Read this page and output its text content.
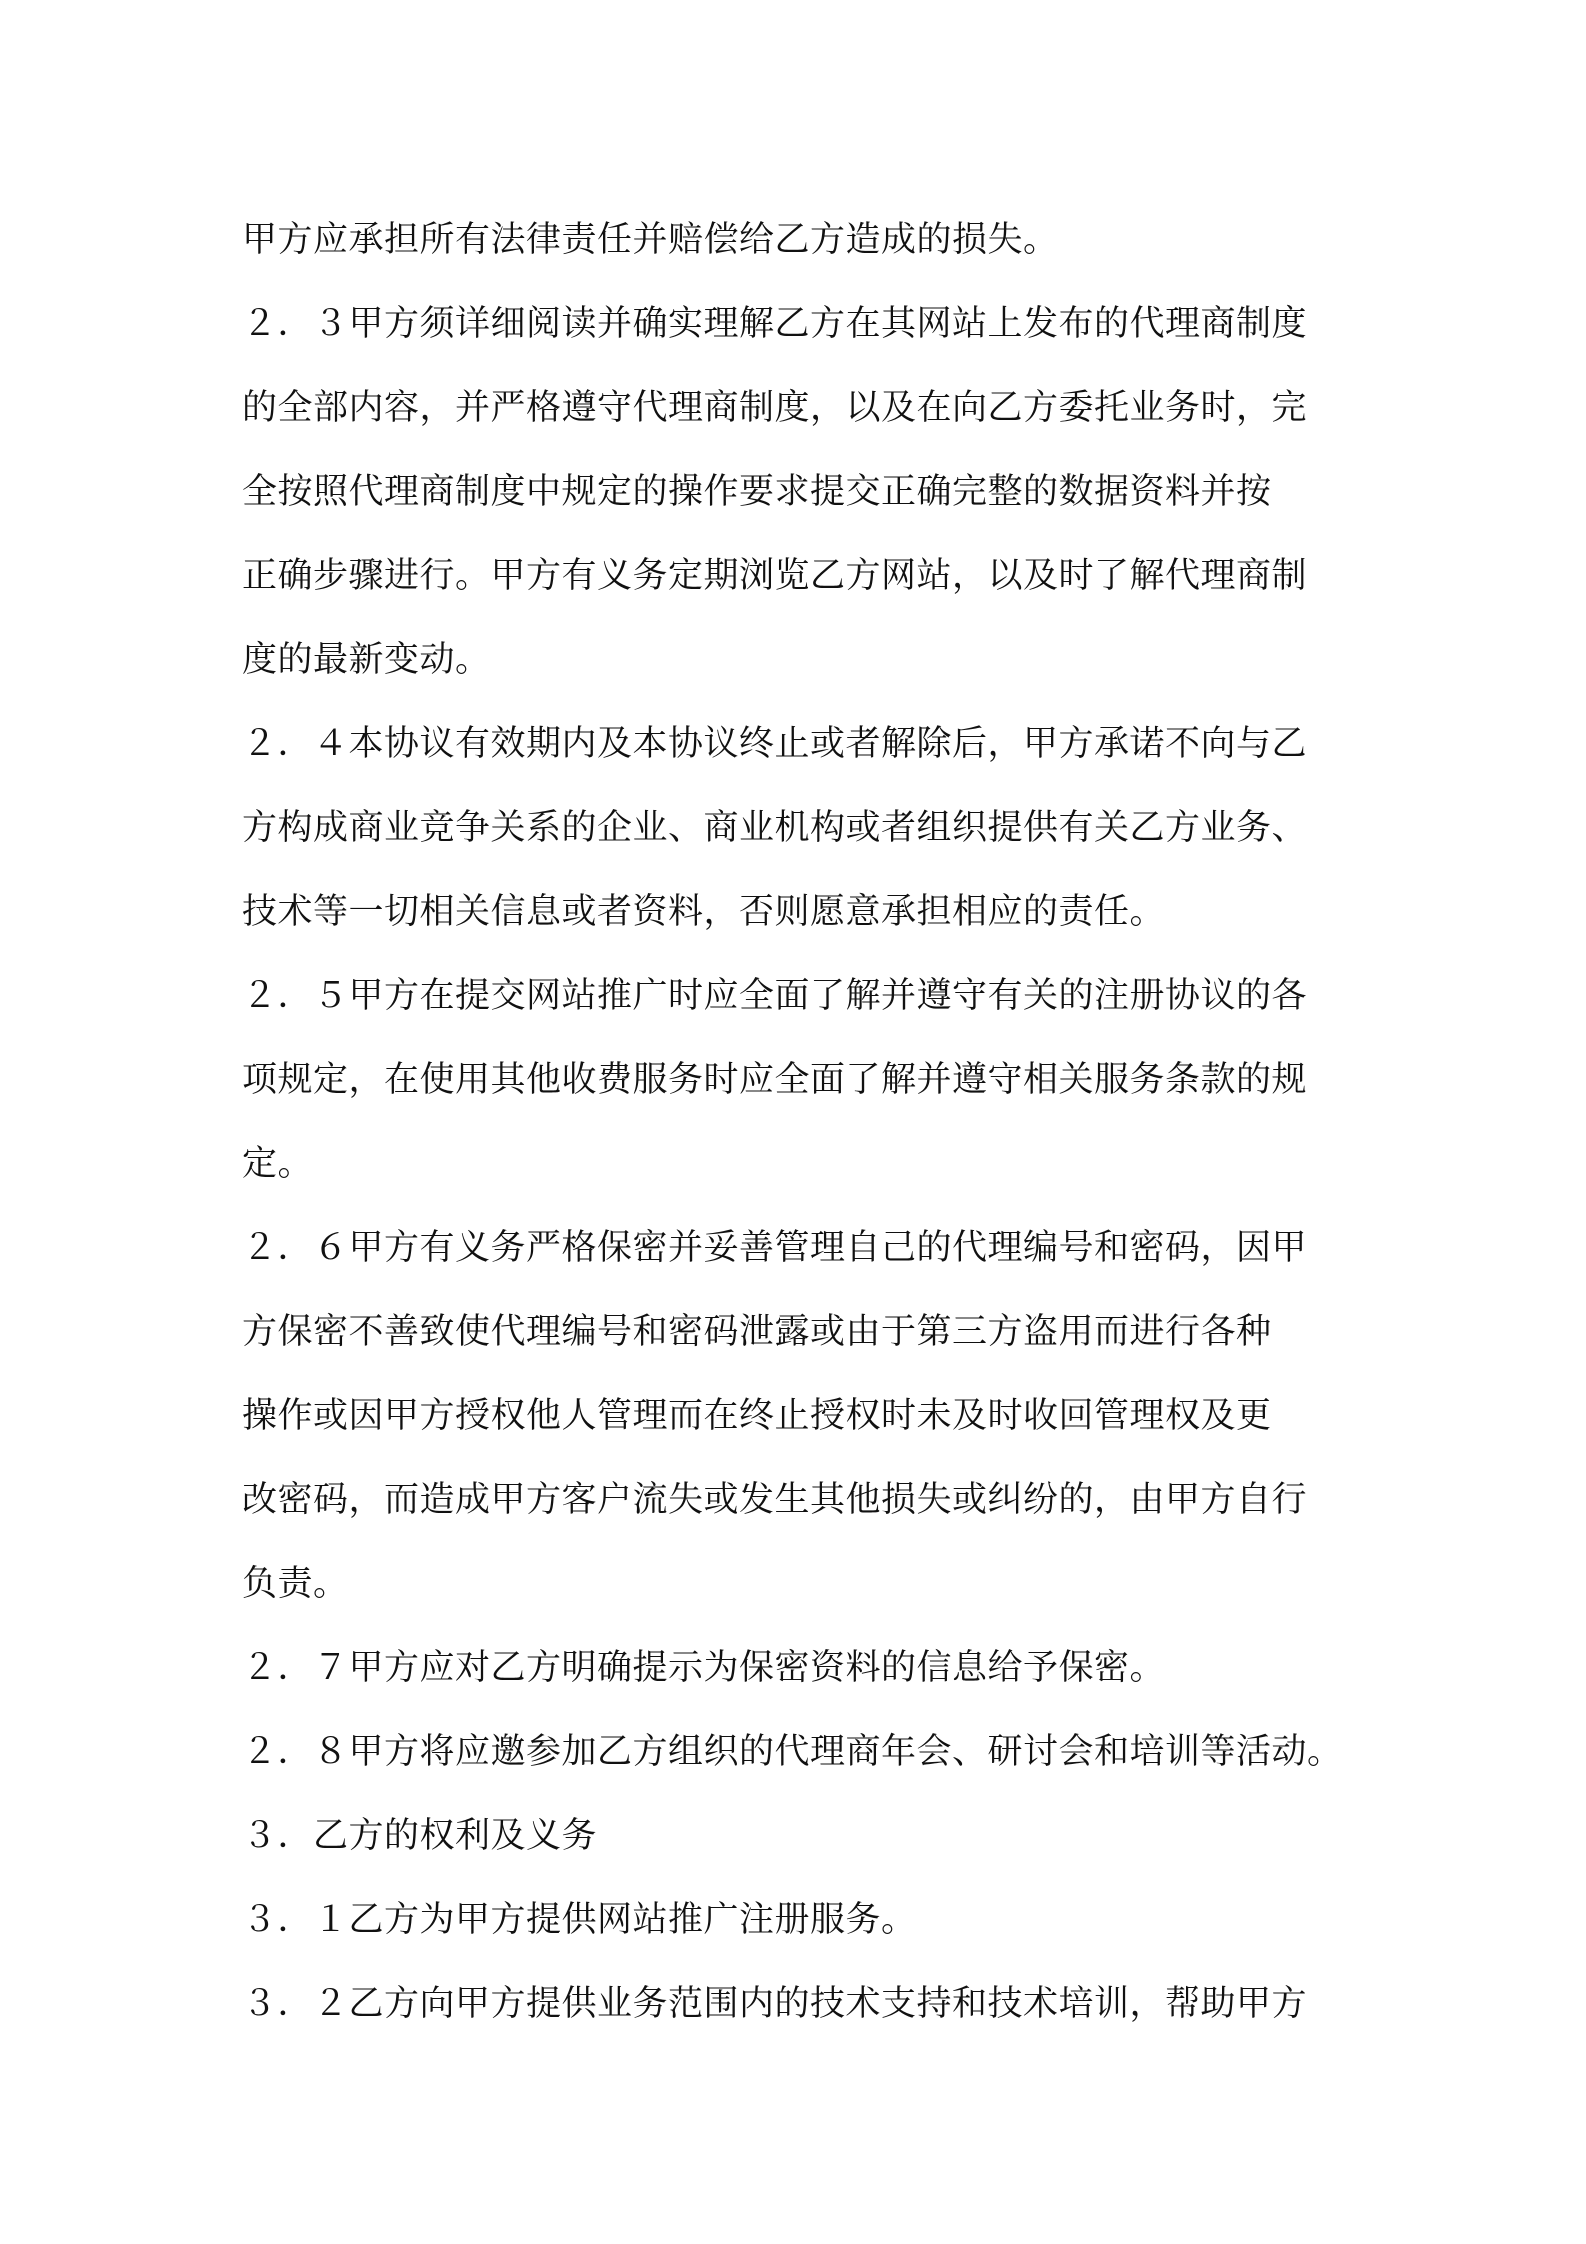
甲方应承担所有法律责任并赔偿给乙方造成的损失。
２．３甲方须详细阅读并确实理解乙方在其网站上发布的代理商制度
的全部内容，并严格遵守代理商制度，以及在向乙方委托业务时，完
全按照代理商制度中规定的操作要求提交正确完整的数据资料并按
正确步骤进行。甲方有义务定期浏览乙方网站，以及时了解代理商制
度的最新变动。
２．４本协议有效期内及本协议终止或者解除后，甲方承诺不向与乙
方构成商业竞争关系的企业、商业机构或者组织提供有关乙方业务、
技术等一切相关信息或者资料，否则愿意承担相应的责任。
２．５甲方在提交网站推广时应全面了解并遵守有关的注册协议的各
项规定，在使用其他收费服务时应全面了解并遵守相关服务条款的规
定。
２．６甲方有义务严格保密并妥善管理自己的代理编号和密码，因甲
方保密不善致使代理编号和密码泄露或由于第三方盗用而进行各种
操作或因甲方授权他人管理而在终止授权时未及时收回管理权及更
改密码，而造成甲方客户流失或发生其他损失或纠纷的，由甲方自行
负责。
２．７甲方应对乙方明确提示为保密资料的信息给予保密。
２．８甲方将应邀参加乙方组织的代理商年会、研讨会和培训等活动。
３．乙方的权利及义务
３．１乙方为甲方提供网站推广注册服务。
３．２乙方向甲方提供业务范围内的技术支持和技术培训，帮助甲方
